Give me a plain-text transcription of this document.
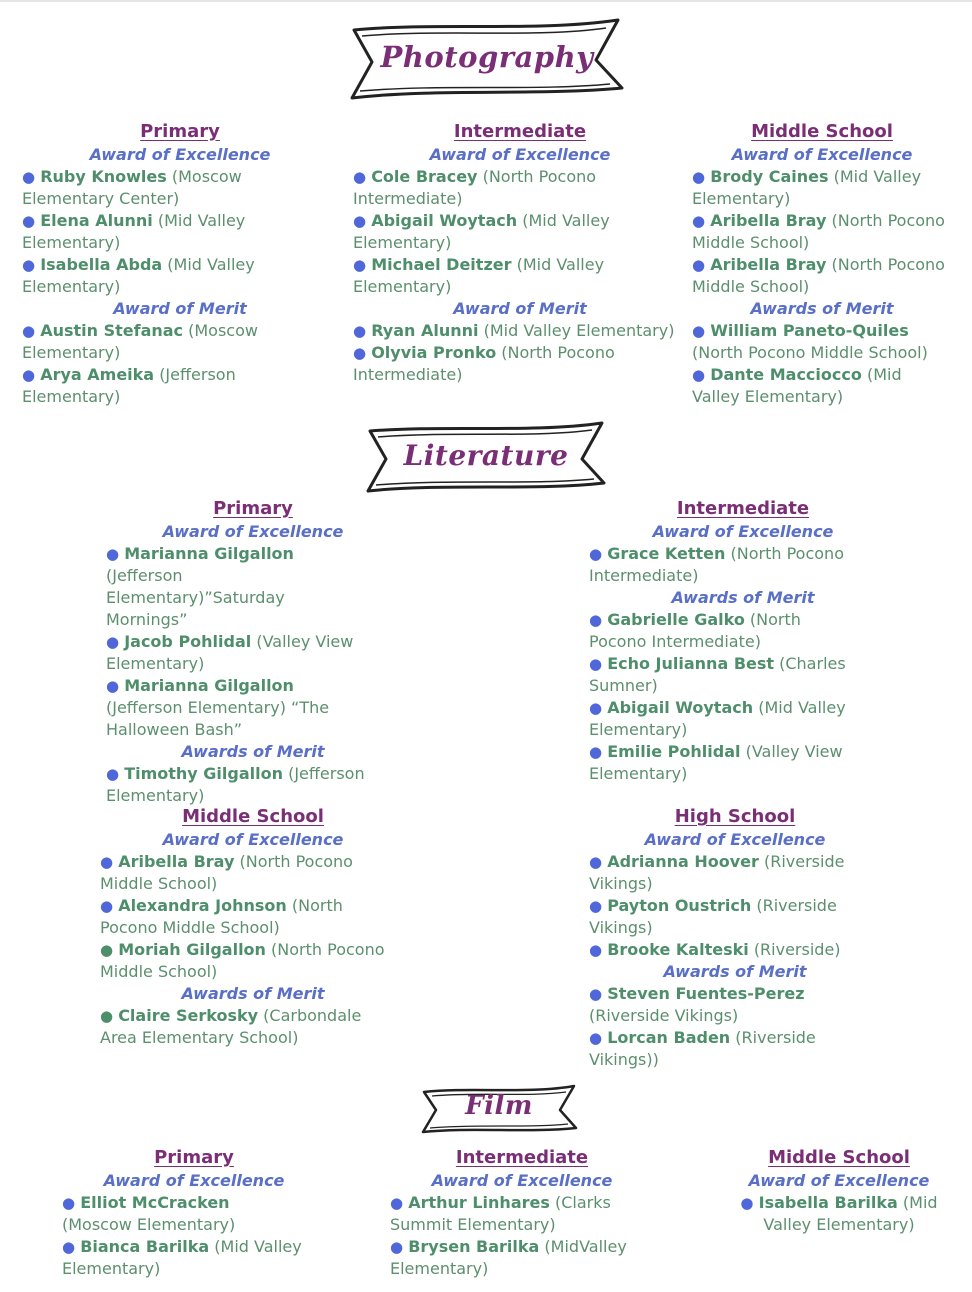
Photography
Primary
Award of Excellence

● Ruby Knowles (Moscow Elementary Center)

● Elena Alunni (Mid Valley Elementary)

● Isabella Abda (Mid Valley Elementary)

Award of Merit

● Austin Stefanac (Moscow Elementary)

● Arya Ameika (Jefferson Elementary)

Intermediate
Award of Excellence

● Cole Bracey (North Pocono Intermediate)

● Abigail Woytach (Mid Valley Elementary)

● Michael Deitzer (Mid Valley Elementary)

Award of Merit

● Ryan Alunni (Mid Valley Elementary)

● Olyvia Pronko (North Pocono Intermediate)

Middle School
Award of Excellence

● Brody Caines (Mid Valley Elementary)

● Aribella Bray (North Pocono Middle School)

● Aribella Bray (North Pocono Middle School)

Awards of Merit

● William Paneto-Quiles (North Pocono Middle School)

● Dante Macciocco (Mid Valley Elementary)

Literature
Primary
Award of Excellence

● Marianna Gilgallon (Jefferson Elementary)”Saturday Mornings”

● Jacob Pohlidal (Valley View Elementary)

● Marianna Gilgallon (Jefferson Elementary) “The Halloween Bash”

Awards of Merit

● Timothy Gilgallon (Jefferson Elementary)

Intermediate
Award of Excellence

● Grace Ketten (North Pocono Intermediate)

Awards of Merit

● Gabrielle Galko (North Pocono Intermediate)

● Echo Julianna Best (Charles Sumner)

● Abigail Woytach (Mid Valley Elementary)

● Emilie Pohlidal (Valley View Elementary)

Middle School
Award of Excellence

● Aribella Bray (North Pocono Middle School)

● Alexandra Johnson (North Pocono Middle School)

● Moriah Gilgallon (North Pocono Middle School)

Awards of Merit

● Claire Serkosky (Carbondale Area Elementary School)

High School
Award of Excellence

● Adrianna Hoover (Riverside Vikings)

● Payton Oustrich (Riverside Vikings)

● Brooke Kalteski (Riverside)

Awards of Merit

● Steven Fuentes-Perez (Riverside Vikings)

● Lorcan Baden (Riverside Vikings))

Film
Primary
Award of Excellence

● Elliot McCracken (Moscow Elementary)

● Bianca Barilka (Mid Valley Elementary)

Intermediate
Award of Excellence

● Arthur Linhares (Clarks Summit Elementary)

● Brysen Barilka (MidValley Elementary)

Middle School
Award of Excellence

● Isabella Barilka (Mid Valley Elementary)
